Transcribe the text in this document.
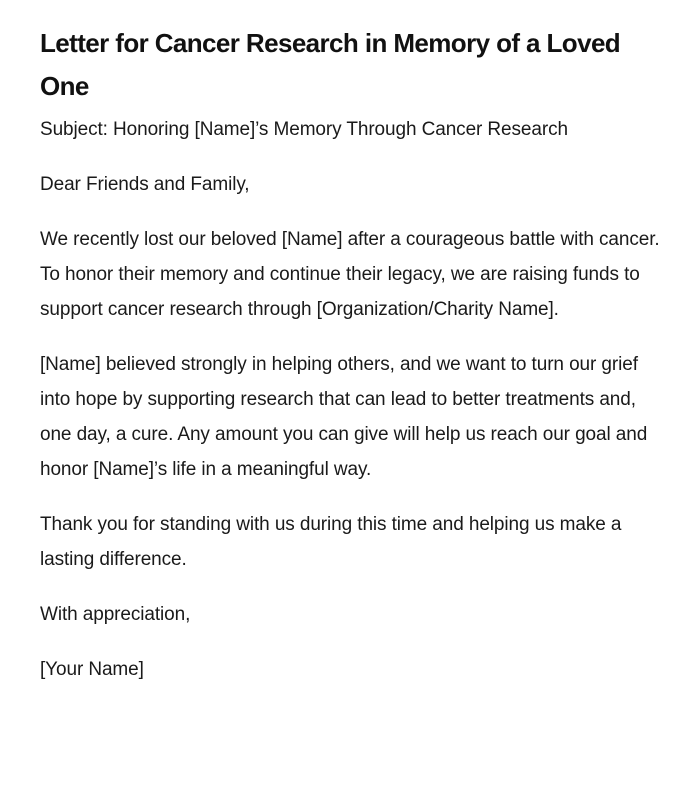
Letter for Cancer Research in Memory of a Loved One

Subject: Honoring [Name]’s Memory Through Cancer Research

Dear Friends and Family,

We recently lost our beloved [Name] after a courageous battle with cancer. To honor their memory and continue their legacy, we are raising funds to support cancer research through [Organization/Charity Name].

[Name] believed strongly in helping others, and we want to turn our grief into hope by supporting research that can lead to better treatments and, one day, a cure. Any amount you can give will help us reach our goal and honor [Name]’s life in a meaningful way.

Thank you for standing with us during this time and helping us make a lasting difference.

With appreciation,

[Your Name]
